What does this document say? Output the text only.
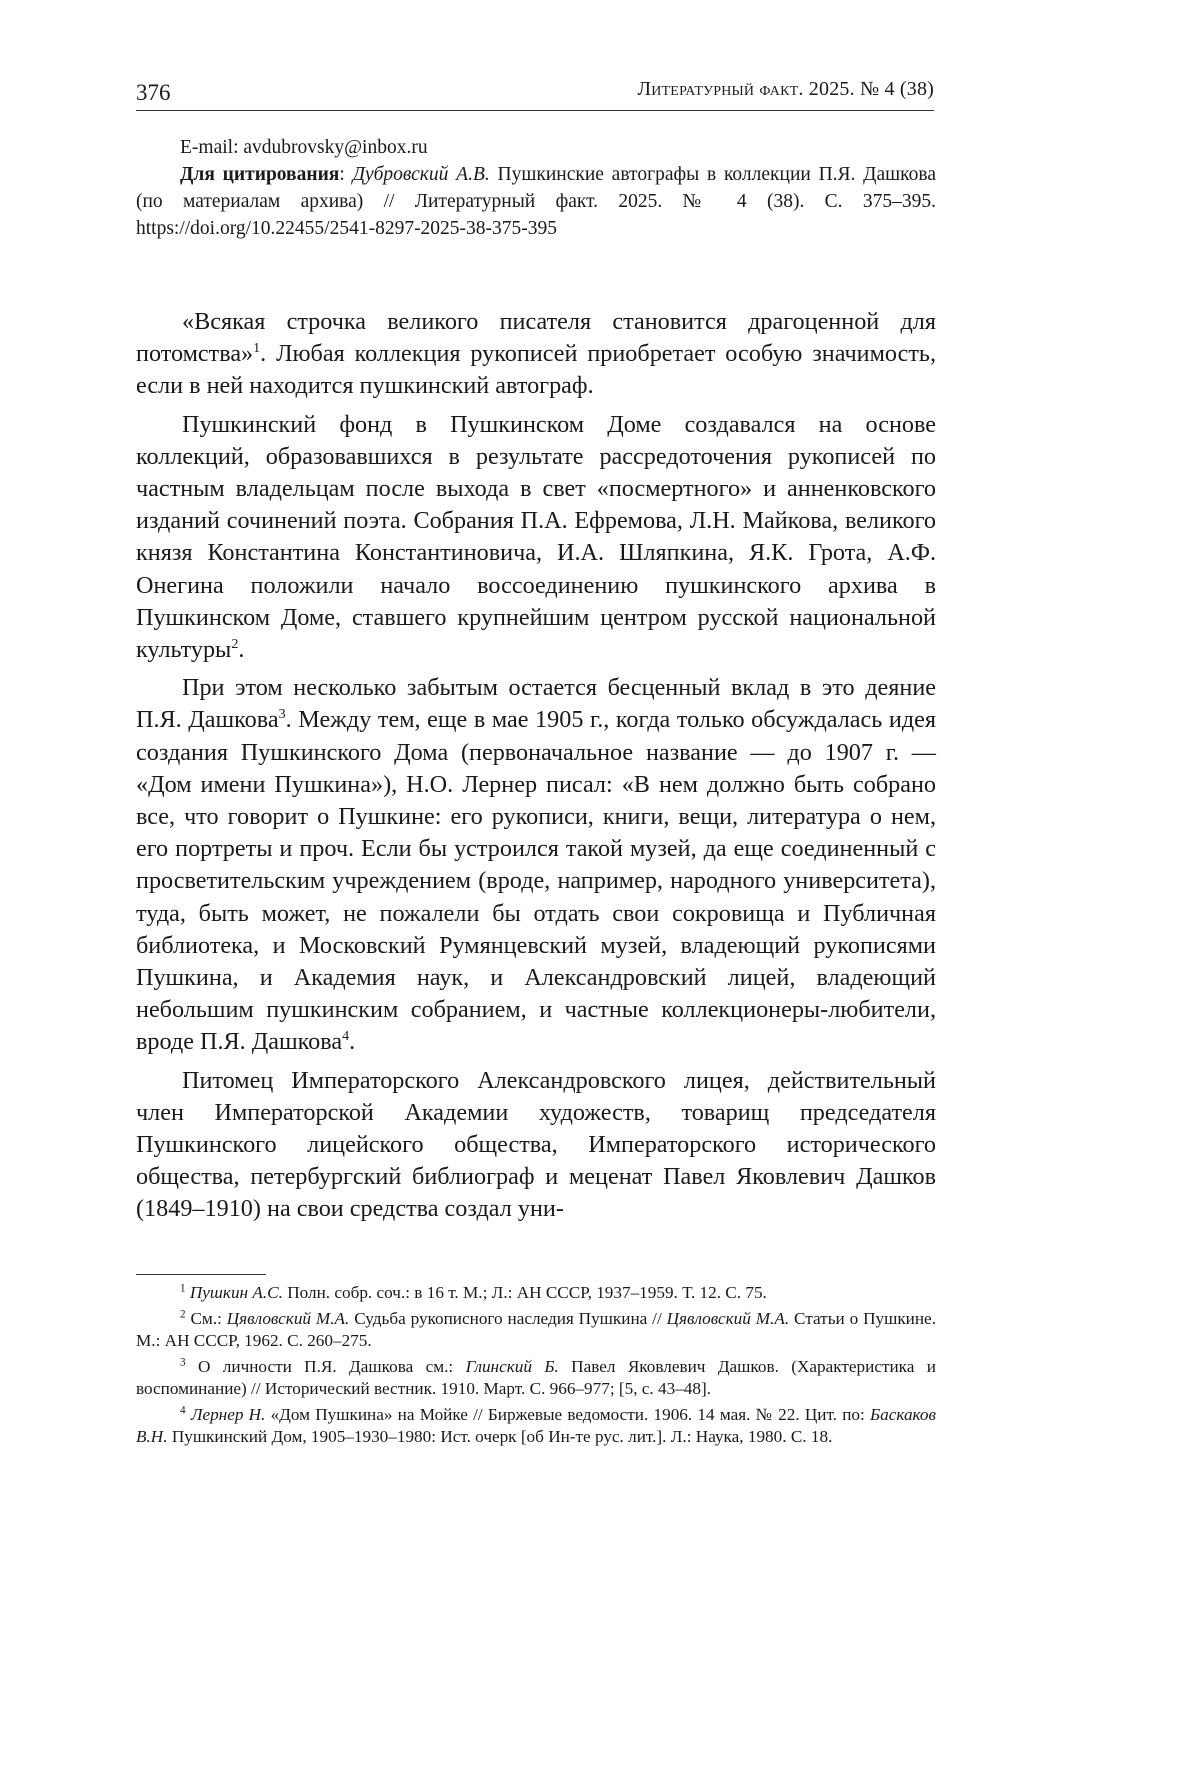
376	Литературный факт. 2025. № 4 (38)

E-mail: avdubrovsky@inbox.ru

Для цитирования: Дубровский А.В. Пушкинские автографы в коллекции П.Я. Дашкова (по материалам архива) // Литературный факт. 2025. № 4 (38). С. 375–395. https://doi.org/10.22455/2541-8297-2025-38-375-395

«Всякая строчка великого писателя становится драгоценной для потомства»$^1$. Любая коллекция рукописей приобретает особую значимость, если в ней находится пушкинский автограф.

Пушкинский фонд в Пушкинском Доме создавался на основе коллекций, образовавшихся в результате рассредоточения рукописей по частным владельцам после выхода в свет «посмертного» и анненковского изданий сочинений поэта. Собрания П.А. Ефремова, Л.Н. Майкова, великого князя Константина Константиновича, И.А. Шляпкина, Я.К. Грота, А.Ф. Онегина положили начало воссоединению пушкинского архива в Пушкинском Доме, ставшего крупнейшим центром русской национальной культуры$^2$.

При этом несколько забытым остается бесценный вклад в это деяние П.Я. Дашкова$^3$. Между тем, еще в мае 1905 г., когда только обсуждалась идея создания Пушкинского Дома (первоначальное название — до 1907 г. — «Дом имени Пушкина»), Н.О. Лернер писал: «В нем должно быть собрано все, что говорит о Пушкине: его рукописи, книги, вещи, литература о нем, его портреты и проч. Если бы устроился такой музей, да еще соединенный с просветительским учреждением (вроде, например, народного университета), туда, быть может, не пожалели бы отдать свои сокровища и Публичная библиотека, и Московский Румянцевский музей, владеющий рукописями Пушкина, и Академия наук, и Александровский лицей, владеющий небольшим пушкинским собранием, и частные коллекционеры-любители, вроде П.Я. Дашкова$^4$.

Питомец Императорского Александровского лицея, действительный член Императорской Академии художеств, товарищ председателя Пушкинского лицейского общества, Императорского исторического общества, петербургский библиограф и меценат Павел Яковлевич Дашков (1849–1910) на свои средства создал уни-

$^1$ Пушкин А.С. Полн. собр. соч.: в 16 т. М.; Л.: АН СССР, 1937–1959. Т. 12. С. 75.

$^2$ См.: Цявловский М.А. Судьба рукописного наследия Пушкина // Цявловский М.А. Статьи о Пушкине. М.: АН СССР, 1962. С. 260–275.

$^3$ О личности П.Я. Дашкова см.: Глинский Б. Павел Яковлевич Дашков. (Характеристика и воспоминание) // Исторический вестник. 1910. Март. С. 966–977; [5, с. 43–48].

$^4$ Лернер Н. «Дом Пушкина» на Мойке // Биржевые ведомости. 1906. 14 мая. № 22. Цит. по: Баскаков В.Н. Пушкинский Дом, 1905–1930–1980: Ист. очерк [об Ин-те рус. лит.]. Л.: Наука, 1980. С. 18.
